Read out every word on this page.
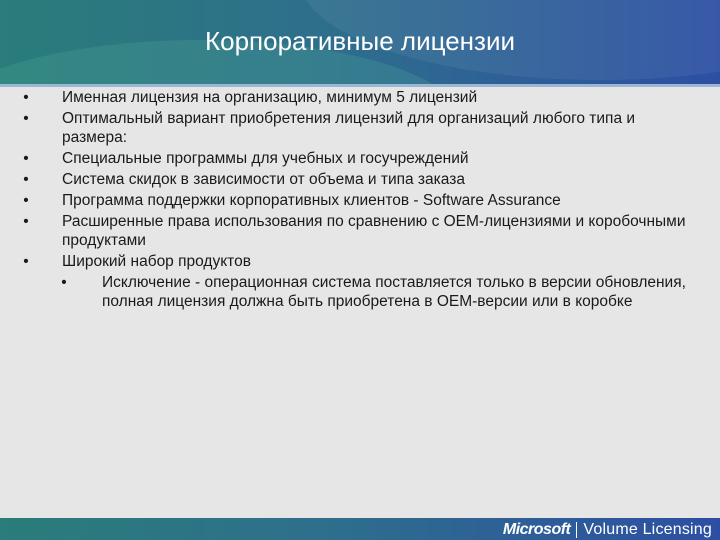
Корпоративные лицензии
• Именная лицензия на организацию, минимум 5 лицензий
• Оптимальный вариант приобретения лицензий для организаций любого типа и размера:
• Специальные программы для учебных и госучреждений
• Система скидок в зависимости от объема и типа заказа
• Программа поддержки корпоративных клиентов - Software Assurance
• Расширенные права использования по сравнению с OEM-лицензиями и коробочными продуктами
• Широкий набор продуктов
• Исключение - операционная система поставляется только в версии обновления, полная лицензия должна быть приобретена в OEM-версии или в коробке
Microsoft Volume Licensing
